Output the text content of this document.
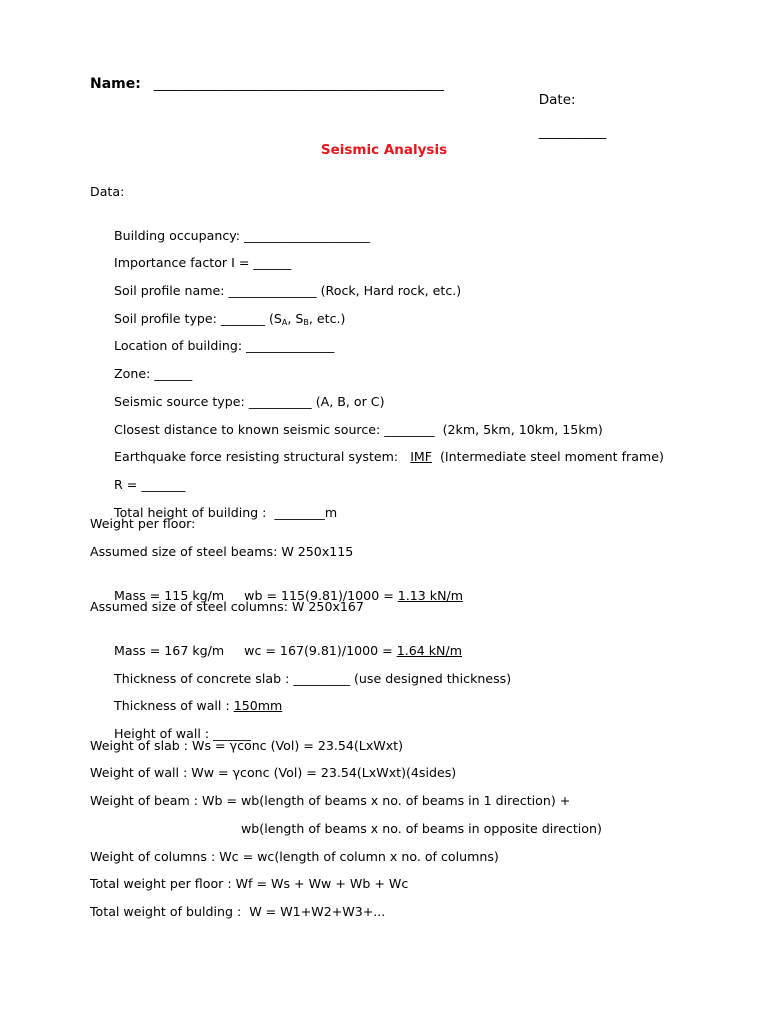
Name: ___________________________________________

Date:

__________

Seismic Analysis
Data:

Building occupancy: ____________________

Importance factor I = ______

Soil profile name: ______________ (Rock, Hard rock, etc.)

Soil profile type: _______ ($S_A$, $S_B$, etc.)

Location of building: ______________

Zone: ______

Seismic source type: __________ (A, B, or C)

Closest distance to known seismic source: ________  (2km, 5km, 10km, 15km)

Earthquake force resisting structural system:   IMF  (Intermediate steel moment frame)

R = _______

Total height of building :  ________m

Weight per floor:
Assumed size of steel beams: W 250x115

Mass = 115 kg/m     wb = 115(9.81)/1000 = 1.13 kN/m

Assumed size of steel columns: W 250x167

Mass = 167 kg/m     wc = 167(9.81)/1000 = 1.64 kN/m

Thickness of concrete slab : _________ (use designed thickness)

Thickness of wall : 150mm

Height of wall : ______

Weight of slab : Ws = γconc (Vol) = 23.54(LxWxt)
Weight of wall : Ww = γconc (Vol) = 23.54(LxWxt)(4sides)
Weight of beam : Wb = wb(length of beams x no. of beams in 1 direction) +
wb(length of beams x no. of beams in opposite direction)
Weight of columns : Wc = wc(length of column x no. of columns)
Total weight per floor : Wf = Ws + Ww + Wb + Wc
Total weight of bulding :  W = W1+W2+W3+...
